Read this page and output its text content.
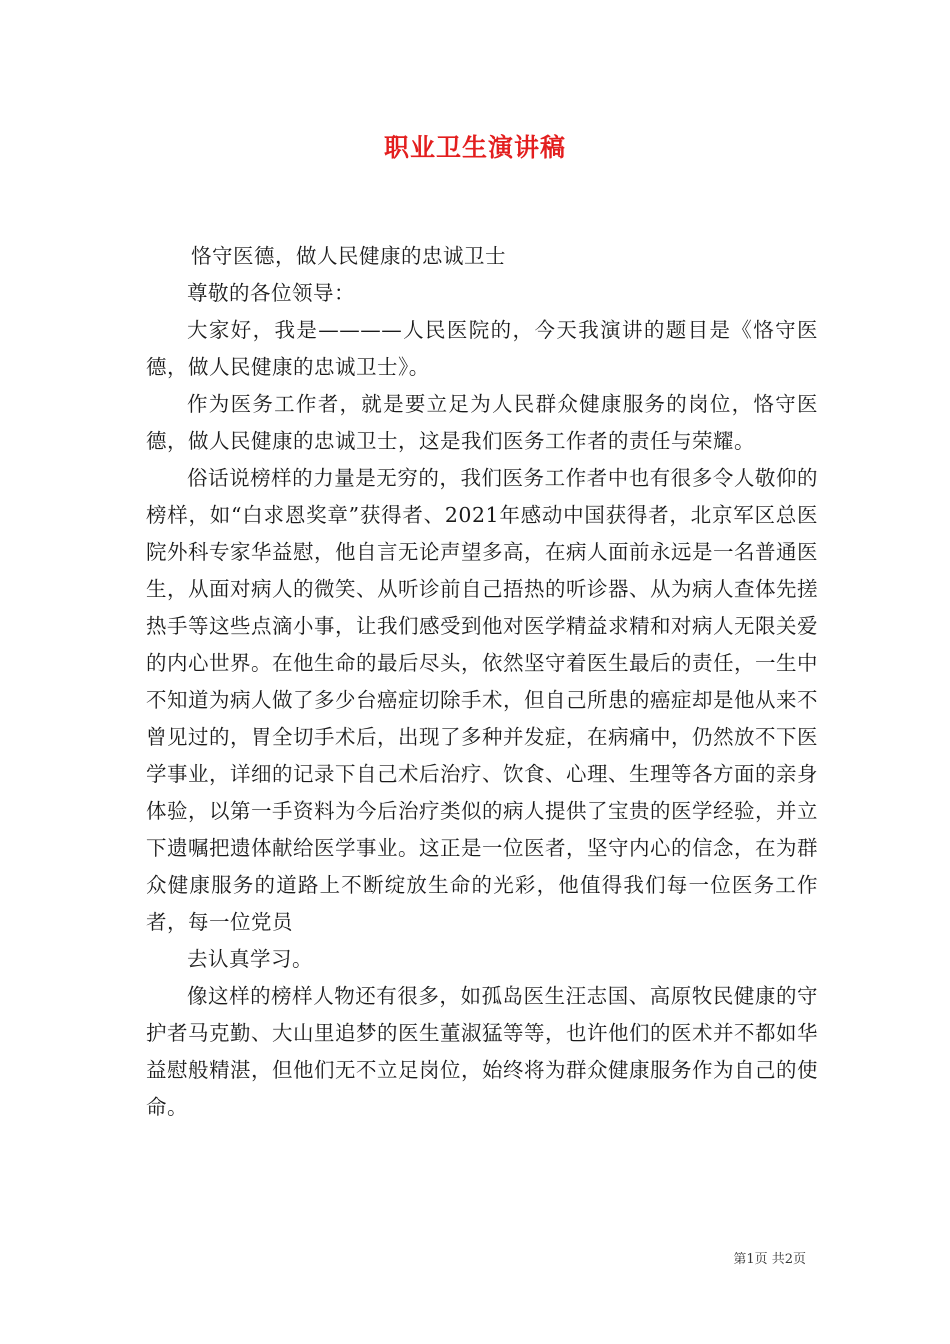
职业卫生演讲稿

恪守医德，做人民健康的忠诚卫士

尊敬的各位领导：

大家好，我是————人民医院的，今天我演讲的题目是《恪守医德，做人民健康的忠诚卫士》。

作为医务工作者，就是要立足为人民群众健康服务的岗位，恪守医德，做人民健康的忠诚卫士，这是我们医务工作者的责任与荣耀。

俗话说榜样的力量是无穷的，我们医务工作者中也有很多令人敬仰的榜样，如“白求恩奖章”获得者、2021年感动中国获得者，北京军区总医院外科专家华益慰，他自言无论声望多高，在病人面前永远是一名普通医生，从面对病人的微笑、从听诊前自己捂热的听诊器、从为病人查体先搓热手等这些点滴小事，让我们感受到他对医学精益求精和对病人无限关爱的内心世界。在他生命的最后尽头，依然坚守着医生最后的责任，一生中不知道为病人做了多少台癌症切除手术，但自己所患的癌症却是他从来不曾见过的，胃全切手术后，出现了多种并发症，在病痛中，仍然放不下医学事业，详细的记录下自己术后治疗、饮食、心理、生理等各方面的亲身体验，以第一手资料为今后治疗类似的病人提供了宝贵的医学经验，并立下遗嘱把遗体献给医学事业。这正是一位医者，坚守内心的信念，在为群众健康服务的道路上不断绽放生命的光彩，他值得我们每一位医务工作者，每一位党员

去认真学习。

像这样的榜样人物还有很多，如孤岛医生汪志国、高原牧民健康的守护者马克勤、大山里追梦的医生董淑猛等等，也许他们的医术并不都如华益慰般精湛，但他们无不立足岗位，始终将为群众健康服务作为自己的使命。

第1页 共2页
